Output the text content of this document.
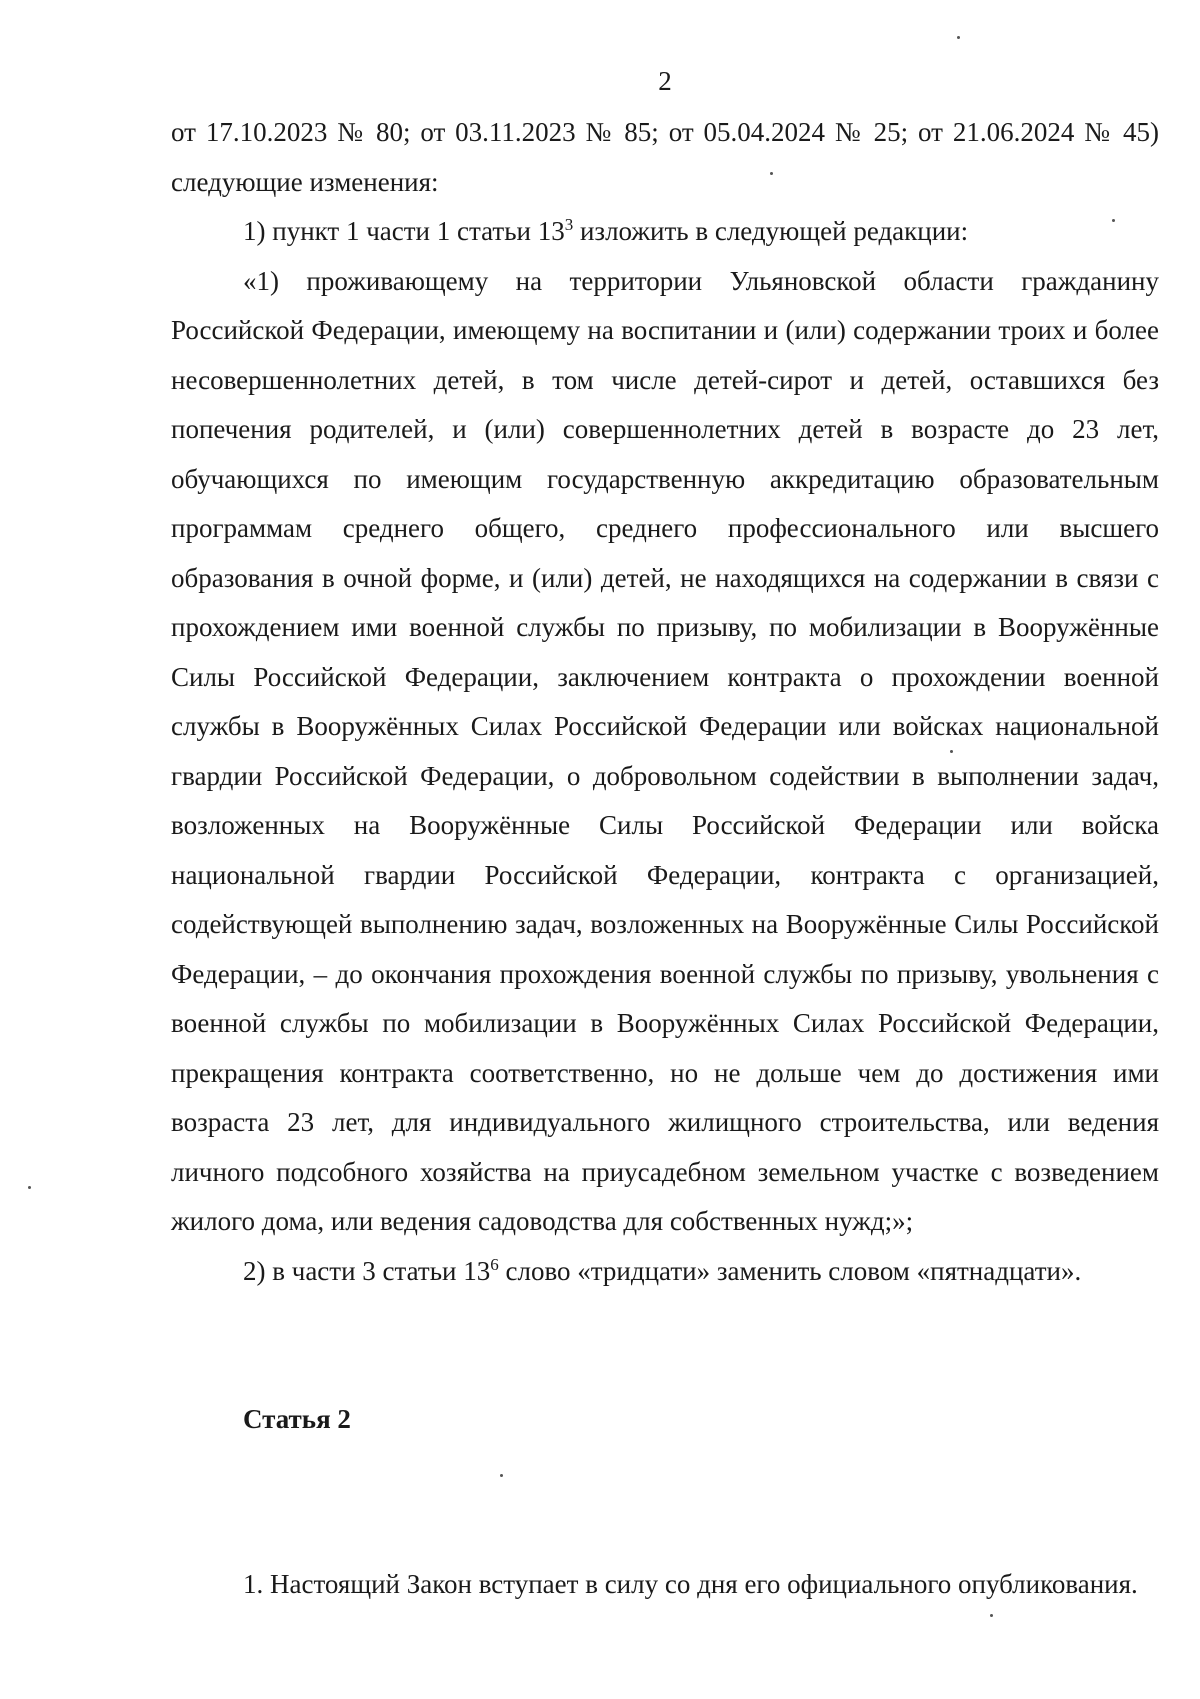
2

от 17.10.2023 № 80; от 03.11.2023 № 85; от 05.04.2024 № 25; от 21.06.2024 № 45) следующие изменения:

1) пункт 1 части 1 статьи $13^3$ изложить в следующей редакции:

«1) проживающему на территории Ульяновской области гражданину Российской Федерации, имеющему на воспитании и (или) содержании троих и более несовершеннолетних детей, в том числе детей-сирот и детей, оставшихся без попечения родителей, и (или) совершеннолетних детей в возрасте до 23 лет, обучающихся по имеющим государственную аккредитацию образовательным программам среднего общего, среднего профессионального или высшего образования в очной форме, и (или) детей, не находящихся на содержании в связи с прохождением ими военной службы по призыву, по мобилизации в Вооружённые Силы Российской Федерации, заключением контракта о прохождении военной службы в Вооружённых Силах Российской Федерации или войсках национальной гвардии Российской Федерации, о добровольном содействии в выполнении задач, возложенных на Вооружённые Силы Российской Федерации или войска национальной гвардии Российской Федерации, контракта с организацией, содействующей выполнению задач, возложенных на Вооружённые Силы Российской Федерации, – до окончания прохождения военной службы по призыву, увольнения с военной службы по мобилизации в Вооружённых Силах Российской Федерации, прекращения контракта соответственно, но не дольше чем до достижения ими возраста 23 лет, для индивидуального жилищного строительства, или ведения личного подсобного хозяйства на приусадебном земельном участке с возведением жилого дома, или ведения садоводства для собственных нужд;»;

2) в части 3 статьи $13^6$ слово «тридцати» заменить словом «пятнадцати».

Статья 2

1. Настоящий Закон вступает в силу со дня его официального опубликования.
